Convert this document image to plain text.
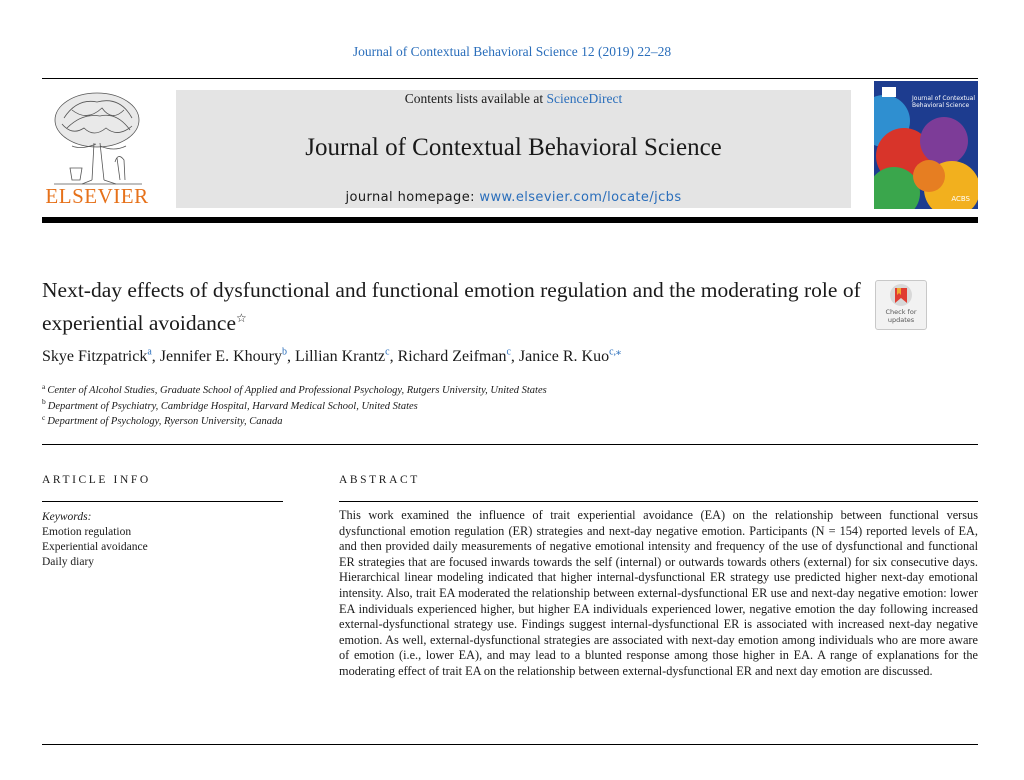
Journal of Contextual Behavioral Science 12 (2019) 22–28
ELSEVIER
Contents lists available at ScienceDirect
Journal of Contextual Behavioral Science
journal homepage: www.elsevier.com/locate/jcbs
Journal of Contextual Behavioral Science
ACBS
Next-day effects of dysfunctional and functional emotion regulation and the moderating role of experiential avoidance☆	Check for
updates
Skye Fitzpatrick$^a$, Jennifer E. Khoury$^b$, Lillian Krantz$^c$, Richard Zeifman$^c$, Janice R. Kuo$^{c,⁎}$
$^a$ Center of Alcohol Studies, Graduate School of Applied and Professional Psychology, Rutgers University, United States
$^b$ Department of Psychiatry, Cambridge Hospital, Harvard Medical School, United States
$^c$ Department of Psychology, Ryerson University, Canada
ARTICLE INFO
Keywords:
Emotion regulation
Experiential avoidance
Daily diary
ABSTRACT
This work examined the influence of trait experiential avoidance (EA) on the relationship between functional versus dysfunctional emotion regulation (ER) strategies and next-day negative emotion. Participants (N = 154) reported levels of EA, and then provided daily measurements of negative emotional intensity and frequency of the use of dysfunctional and functional ER strategies that are focused inwards towards the self (internal) or outwards towards others (external) for six consecutive days. Hierarchical linear modeling indicated that higher internal-dysfunctional ER strategy use predicted higher next-day emotional intensity. Also, trait EA moderated the relationship between external-dysfunctional ER use and next-day negative emotion: lower EA individuals experienced higher, but higher EA individuals experienced lower, negative emotion the day following increased external-dysfunctional strategy use. Findings suggest internal-dysfunctional ER is associated with increased next-day negative emotion. As well, external-dysfunctional strategies are associated with next-day emotion among individuals who are more aware of emotion (i.e., lower EA), and may lead to a blunted response among those higher in EA. A range of explanations for the moderating effect of trait EA on the relationship between external-dysfunctional ER and next day emotion are discussed.
